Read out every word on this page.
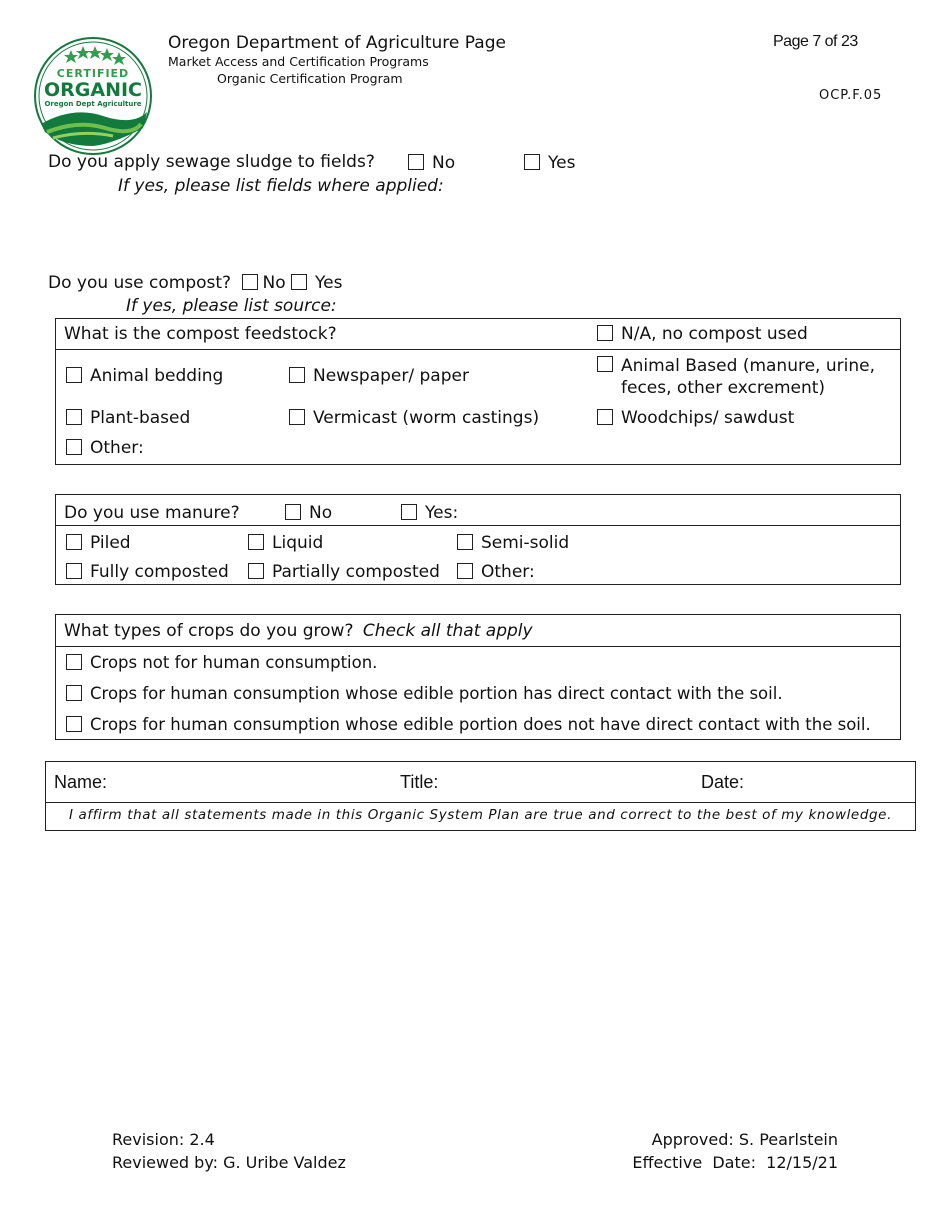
CERTIFIED
ORGANIC
Oregon Dept Agriculture
Oregon Department of Agriculture Page
Market Access and Certification Programs
Organic Certification Program
Page 7 of 23
OCP.F.05
Do you apply sewage sludge to fields?	No	Yes
If yes, please list fields where applied:
Do you use compost? No Yes
If yes, please list source:
What is the compost feedstock?	N/A, no compost used
Animal bedding	Newspaper/ paper	Animal Based (manure, urine,
feces, other excrement)
Plant-based	Vermicast (worm castings)	Woodchips/ sawdust
Other:
Do you use manure?	No	Yes:
Piled	Liquid	Semi-solid
Fully composted	Partially composted	Other:
What types of crops do you grow? Check all that apply
Crops not for human consumption.
Crops for human consumption whose edible portion has direct contact with the soil.
Crops for human consumption whose edible portion does not have direct contact with the soil.
Name:	Title:	Date:
I affirm that all statements made in this Organic System Plan are true and correct to the best of my knowledge.
Revision: 2.4
Reviewed by: G. Uribe Valdez
Approved: S. Pearlstein
Effective  Date:  12/15/21
